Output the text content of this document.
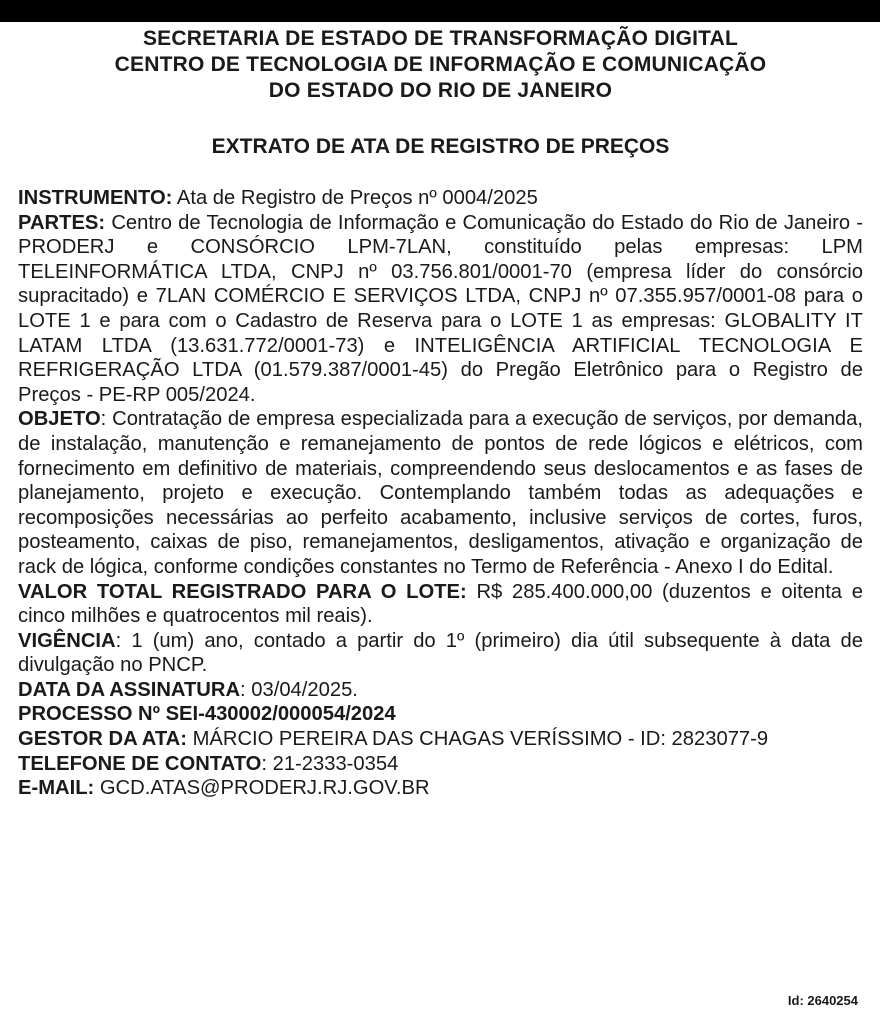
SECRETARIA DE ESTADO DE TRANSFORMAÇÃO DIGITAL
CENTRO DE TECNOLOGIA DE INFORMAÇÃO E COMUNICAÇÃO
DO ESTADO DO RIO DE JANEIRO
EXTRATO DE ATA DE REGISTRO DE PREÇOS

INSTRUMENTO: Ata de Registro de Preços nº 0004/2025

PARTES: Centro de Tecnologia de Informação e Comunicação do Estado do Rio de Janeiro - PRODERJ e CONSÓRCIO LPM-7LAN, constituído pelas empresas: LPM TELEINFORMÁTICA LTDA, CNPJ nº 03.756.801/0001-70 (empresa líder do consórcio supracitado) e 7LAN COMÉRCIO E SERVIÇOS LTDA, CNPJ nº 07.355.957/0001-08 para o LOTE 1 e para com o Cadastro de Reserva para o LOTE 1 as empresas: GLOBALITY IT LATAM LTDA (13.631.772/0001-73) e INTELIGÊNCIA ARTIFICIAL TECNOLOGIA E REFRIGERAÇÃO LTDA (01.579.387/0001-45) do Pregão Eletrônico para o Registro de Preços - PE-RP 005/2024.

OBJETO: Contratação de empresa especializada para a execução de serviços, por demanda, de instalação, manutenção e remanejamento de pontos de rede lógicos e elétricos, com fornecimento em definitivo de materiais, compreendendo seus deslocamentos e as fases de planejamento, projeto e execução. Contemplando também todas as adequações e recomposições necessárias ao perfeito acabamento, inclusive serviços de cortes, furos, posteamento, caixas de piso, remanejamentos, desligamentos, ativação e organização de rack de lógica, conforme condições constantes no Termo de Referência - Anexo I do Edital.

VALOR TOTAL REGISTRADO PARA O LOTE: R$ 285.400.000,00 (duzentos e oitenta e cinco milhões e quatrocentos mil reais).

VIGÊNCIA: 1 (um) ano, contado a partir do 1º (primeiro) dia útil subsequente à data de divulgação no PNCP.

DATA DA ASSINATURA: 03/04/2025.

PROCESSO Nº SEI-430002/000054/2024

GESTOR DA ATA: MÁRCIO PEREIRA DAS CHAGAS VERÍSSIMO - ID: 2823077-9

TELEFONE DE CONTATO: 21-2333-0354

E-MAIL: GCD.ATAS@PRODERJ.RJ.GOV.BR

Id: 2640254
